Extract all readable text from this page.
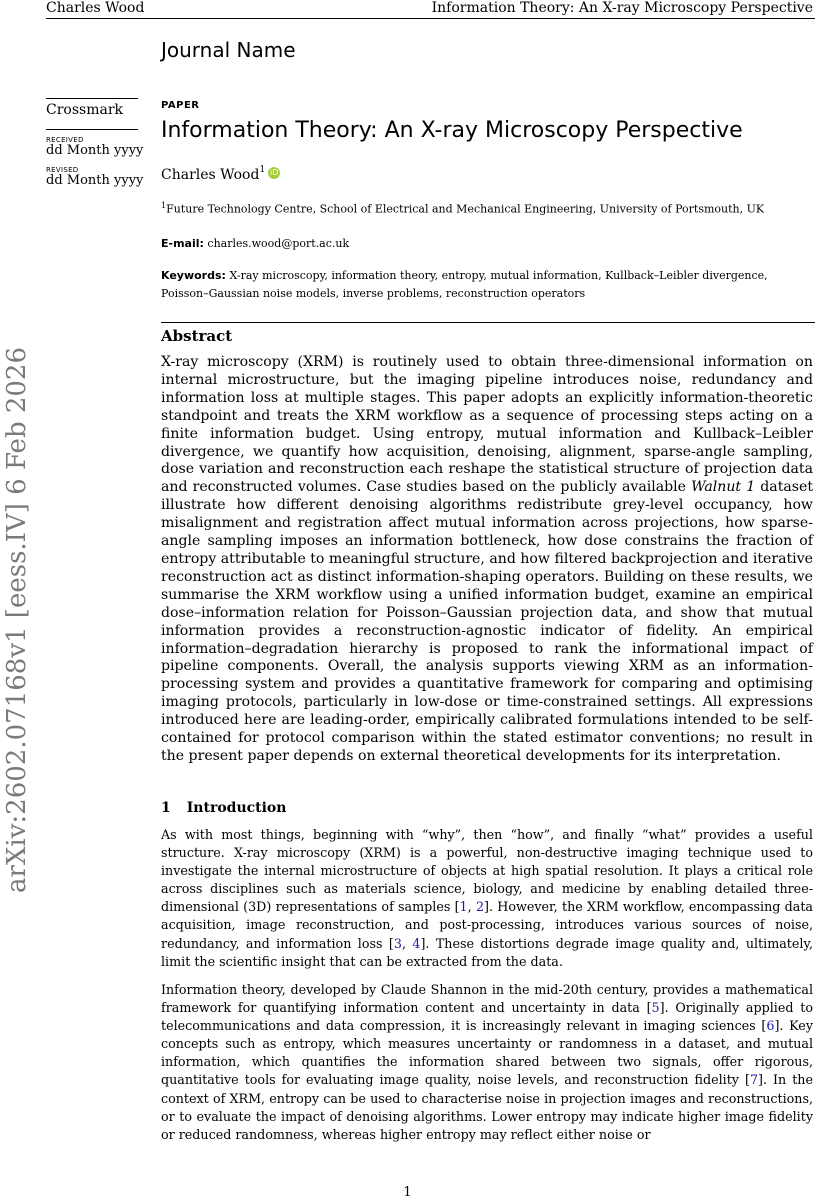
Charles Wood	Information Theory: An X-ray Microscopy Perspective
Journal Name
Crossmark
RECEIVED
dd Month yyyy
REVISED
dd Month yyyy
PAPER
Information Theory: An X-ray Microscopy Perspective
Charles Wood$^1$ iD
$^1$Future Technology Centre, School of Electrical and Mechanical Engineering, University of Portsmouth, UK
E-mail: charles.wood@port.ac.uk
Keywords: X-ray microscopy, information theory, entropy, mutual information, Kullback–Leibler divergence, Poisson–Gaussian noise models, inverse problems, reconstruction operators
Abstract
X-ray microscopy (XRM) is routinely used to obtain three-dimensional information on internal microstructure, but the imaging pipeline introduces noise, redundancy and information loss at multiple stages. This paper adopts an explicitly information-theoretic standpoint and treats the XRM workflow as a sequence of processing steps acting on a finite information budget. Using entropy, mutual information and Kullback–Leibler divergence, we quantify how acquisition, denoising, alignment, sparse-angle sampling, dose variation and reconstruction each reshape the statistical structure of projection data and reconstructed volumes. Case studies based on the publicly available Walnut 1 dataset illustrate how different denoising algorithms redistribute grey-level occupancy, how misalignment and registration affect mutual information across projections, how sparse-angle sampling imposes an information bottleneck, how dose constrains the fraction of entropy attributable to meaningful structure, and how filtered backprojection and iterative reconstruction act as distinct information-shaping operators. Building on these results, we summarise the XRM workflow using a unified information budget, examine an empirical dose–information relation for Poisson–Gaussian projection data, and show that mutual information provides a reconstruction-agnostic indicator of fidelity. An empirical information–degradation hierarchy is proposed to rank the informational impact of pipeline components. Overall, the analysis supports viewing XRM as an information-processing system and provides a quantitative framework for comparing and optimising imaging protocols, particularly in low-dose or time-constrained settings. All expressions introduced here are leading-order, empirically calibrated formulations intended to be self-contained for protocol comparison within the stated estimator conventions; no result in the present paper depends on external theoretical developments for its interpretation.
1 Introduction
As with most things, beginning with “why”, then “how”, and finally “what” provides a useful structure. X-ray microscopy (XRM) is a powerful, non-destructive imaging technique used to investigate the internal microstructure of objects at high spatial resolution. It plays a critical role across disciplines such as materials science, biology, and medicine by enabling detailed three-dimensional (3D) representations of samples [1, 2]. However, the XRM workflow, encompassing data acquisition, image reconstruction, and post-processing, introduces various sources of noise, redundancy, and information loss [3, 4]. These distortions degrade image quality and, ultimately, limit the scientific insight that can be extracted from the data.
Information theory, developed by Claude Shannon in the mid-20th century, provides a mathematical framework for quantifying information content and uncertainty in data [5]. Originally applied to telecommunications and data compression, it is increasingly relevant in imaging sciences [6]. Key concepts such as entropy, which measures uncertainty or randomness in a dataset, and mutual information, which quantifies the information shared between two signals, offer rigorous, quantitative tools for evaluating image quality, noise levels, and reconstruction fidelity [7]. In the context of XRM, entropy can be used to characterise noise in projection images and reconstructions, or to evaluate the impact of denoising algorithms. Lower entropy may indicate higher image fidelity or reduced randomness, whereas higher entropy may reflect either noise or
arXiv:2602.07168v1 [eess.IV] 6 Feb 2026
1
